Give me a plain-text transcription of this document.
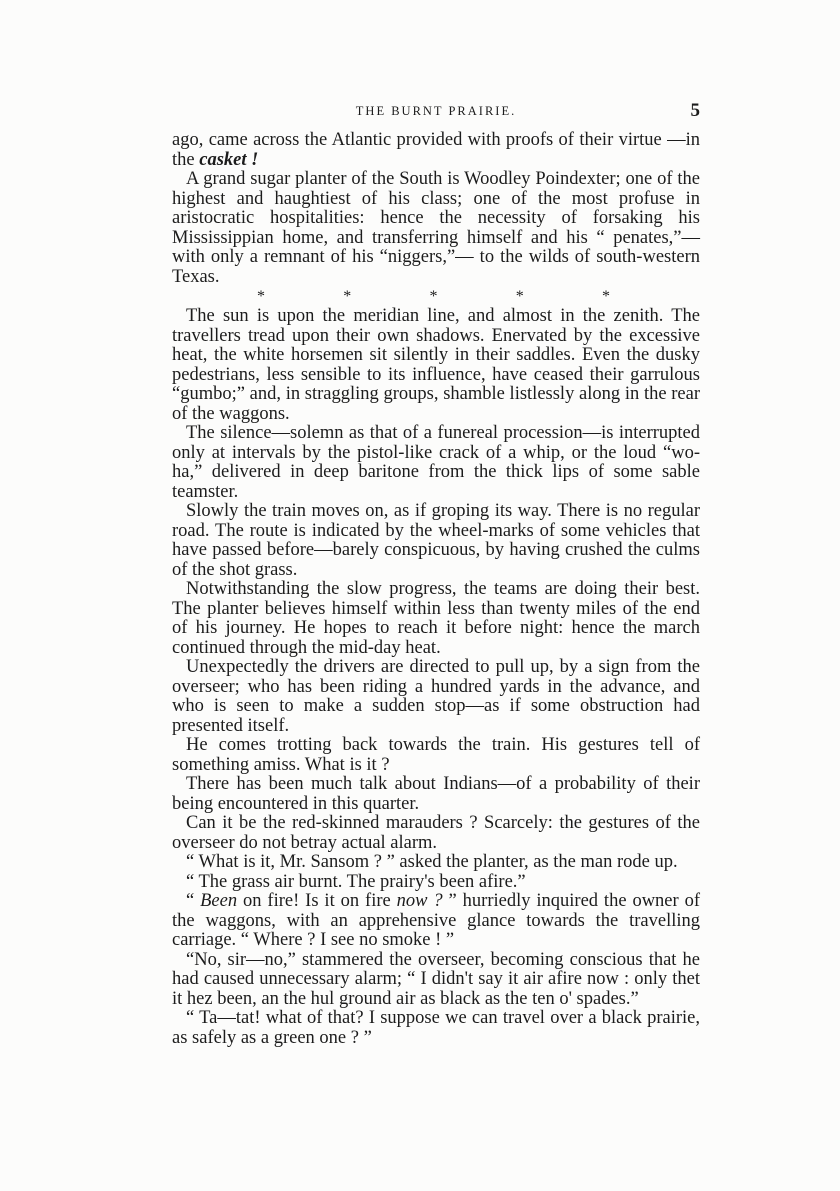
THE BURNT PRAIRIE.	5

ago, came across the Atlantic provided with proofs of their virtue —in the casket !

A grand sugar planter of the South is Woodley Poindexter; one of the highest and haughtiest of his class; one of the most profuse in aristocratic hospitalities: hence the necessity of forsaking his Mississippian home, and transferring himself and his “ penates,”—with only a remnant of his “niggers,”— to the wilds of south-western Texas.

*	*	*	*	*

The sun is upon the meridian line, and almost in the zenith. The travellers tread upon their own shadows. Enervated by the excessive heat, the white horsemen sit silently in their saddles. Even the dusky pedestrians, less sensible to its influence, have ceased their garrulous “gumbo;” and, in straggling groups, shamble listlessly along in the rear of the waggons.

The silence—solemn as that of a funereal procession—is interrupted only at intervals by the pistol-like crack of a whip, or the loud “wo-ha,” delivered in deep baritone from the thick lips of some sable teamster.

Slowly the train moves on, as if groping its way. There is no regular road. The route is indicated by the wheel-marks of some vehicles that have passed before—barely conspicuous, by having crushed the culms of the shot grass.

Notwithstanding the slow progress, the teams are doing their best. The planter believes himself within less than twenty miles of the end of his journey. He hopes to reach it before night: hence the march continued through the mid-day heat.

Unexpectedly the drivers are directed to pull up, by a sign from the overseer; who has been riding a hundred yards in the advance, and who is seen to make a sudden stop—as if some obstruction had presented itself.

He comes trotting back towards the train. His gestures tell of something amiss. What is it ?

There has been much talk about Indians—of a probability of their being encountered in this quarter.

Can it be the red-skinned marauders ? Scarcely: the gestures of the overseer do not betray actual alarm.

“ What is it, Mr. Sansom ? ” asked the planter, as the man rode up.

“ The grass air burnt. The prairy's been afire.”

“ Been on fire! Is it on fire now ? ” hurriedly inquired the owner of the waggons, with an apprehensive glance towards the travelling carriage. “ Where ? I see no smoke ! ”

“No, sir—no,” stammered the overseer, becoming conscious that he had caused unnecessary alarm; “ I didn't say it air afire now : only thet it hez been, an the hul ground air as black as the ten o' spades.”

“ Ta—tat! what of that? I suppose we can travel over a black prairie, as safely as a green one ? ”
